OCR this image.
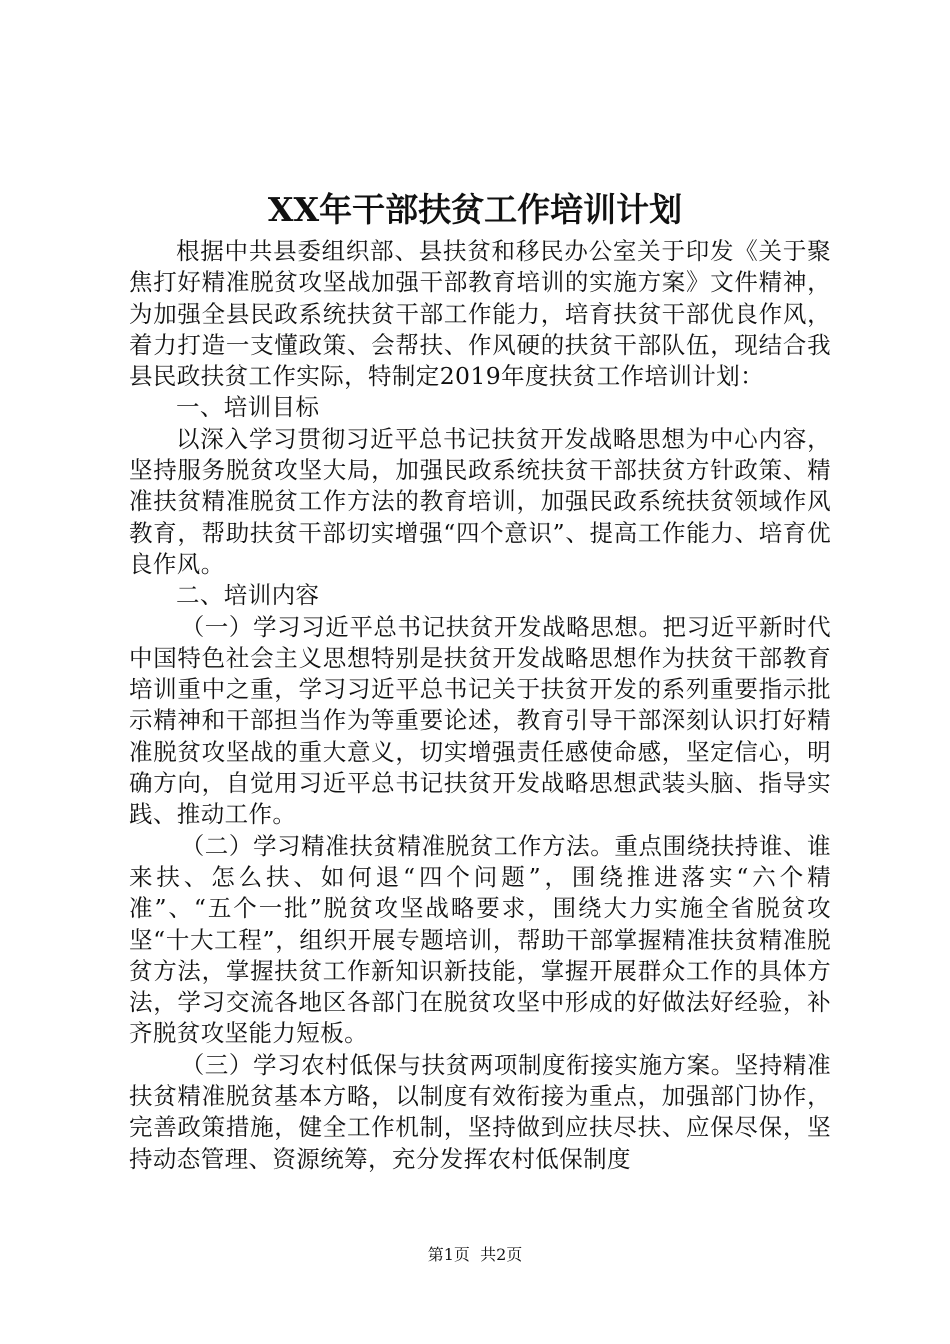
XX年干部扶贫工作培训计划

根据中共县委组织部、县扶贫和移民办公室关于印发《关于聚焦打好精准脱贫攻坚战加强干部教育培训的实施方案》文件精神，为加强全县民政系统扶贫干部工作能力，培育扶贫干部优良作风，着力打造一支懂政策、会帮扶、作风硬的扶贫干部队伍，现结合我县民政扶贫工作实际，特制定2019年度扶贫工作培训计划：

一、培训目标

以深入学习贯彻习近平总书记扶贫开发战略思想为中心内容，坚持服务脱贫攻坚大局，加强民政系统扶贫干部扶贫方针政策、精准扶贫精准脱贫工作方法的教育培训，加强民政系统扶贫领域作风教育，帮助扶贫干部切实增强“四个意识”、提高工作能力、培育优良作风。

二、培训内容

（一）学习习近平总书记扶贫开发战略思想。把习近平新时代中国特色社会主义思想特别是扶贫开发战略思想作为扶贫干部教育培训重中之重，学习习近平总书记关于扶贫开发的系列重要指示批示精神和干部担当作为等重要论述，教育引导干部深刻认识打好精准脱贫攻坚战的重大意义，切实增强责任感使命感，坚定信心，明确方向，自觉用习近平总书记扶贫开发战略思想武装头脑、指导实践、推动工作。

（二）学习精准扶贫精准脱贫工作方法。重点围绕扶持谁、谁来扶、怎么扶、如何退“四个问题”，围绕推进落实“六个精准”、“五个一批”脱贫攻坚战略要求，围绕大力实施全省脱贫攻坚“十大工程”，组织开展专题培训，帮助干部掌握精准扶贫精准脱贫方法，掌握扶贫工作新知识新技能，掌握开展群众工作的具体方法，学习交流各地区各部门在脱贫攻坚中形成的好做法好经验，补齐脱贫攻坚能力短板。

（三）学习农村低保与扶贫两项制度衔接实施方案。坚持精准扶贫精准脱贫基本方略，以制度有效衔接为重点，加强部门协作，完善政策措施，健全工作机制，坚持做到应扶尽扶、应保尽保，坚持动态管理、资源统筹，充分发挥农村低保制度

第1页  共2页
